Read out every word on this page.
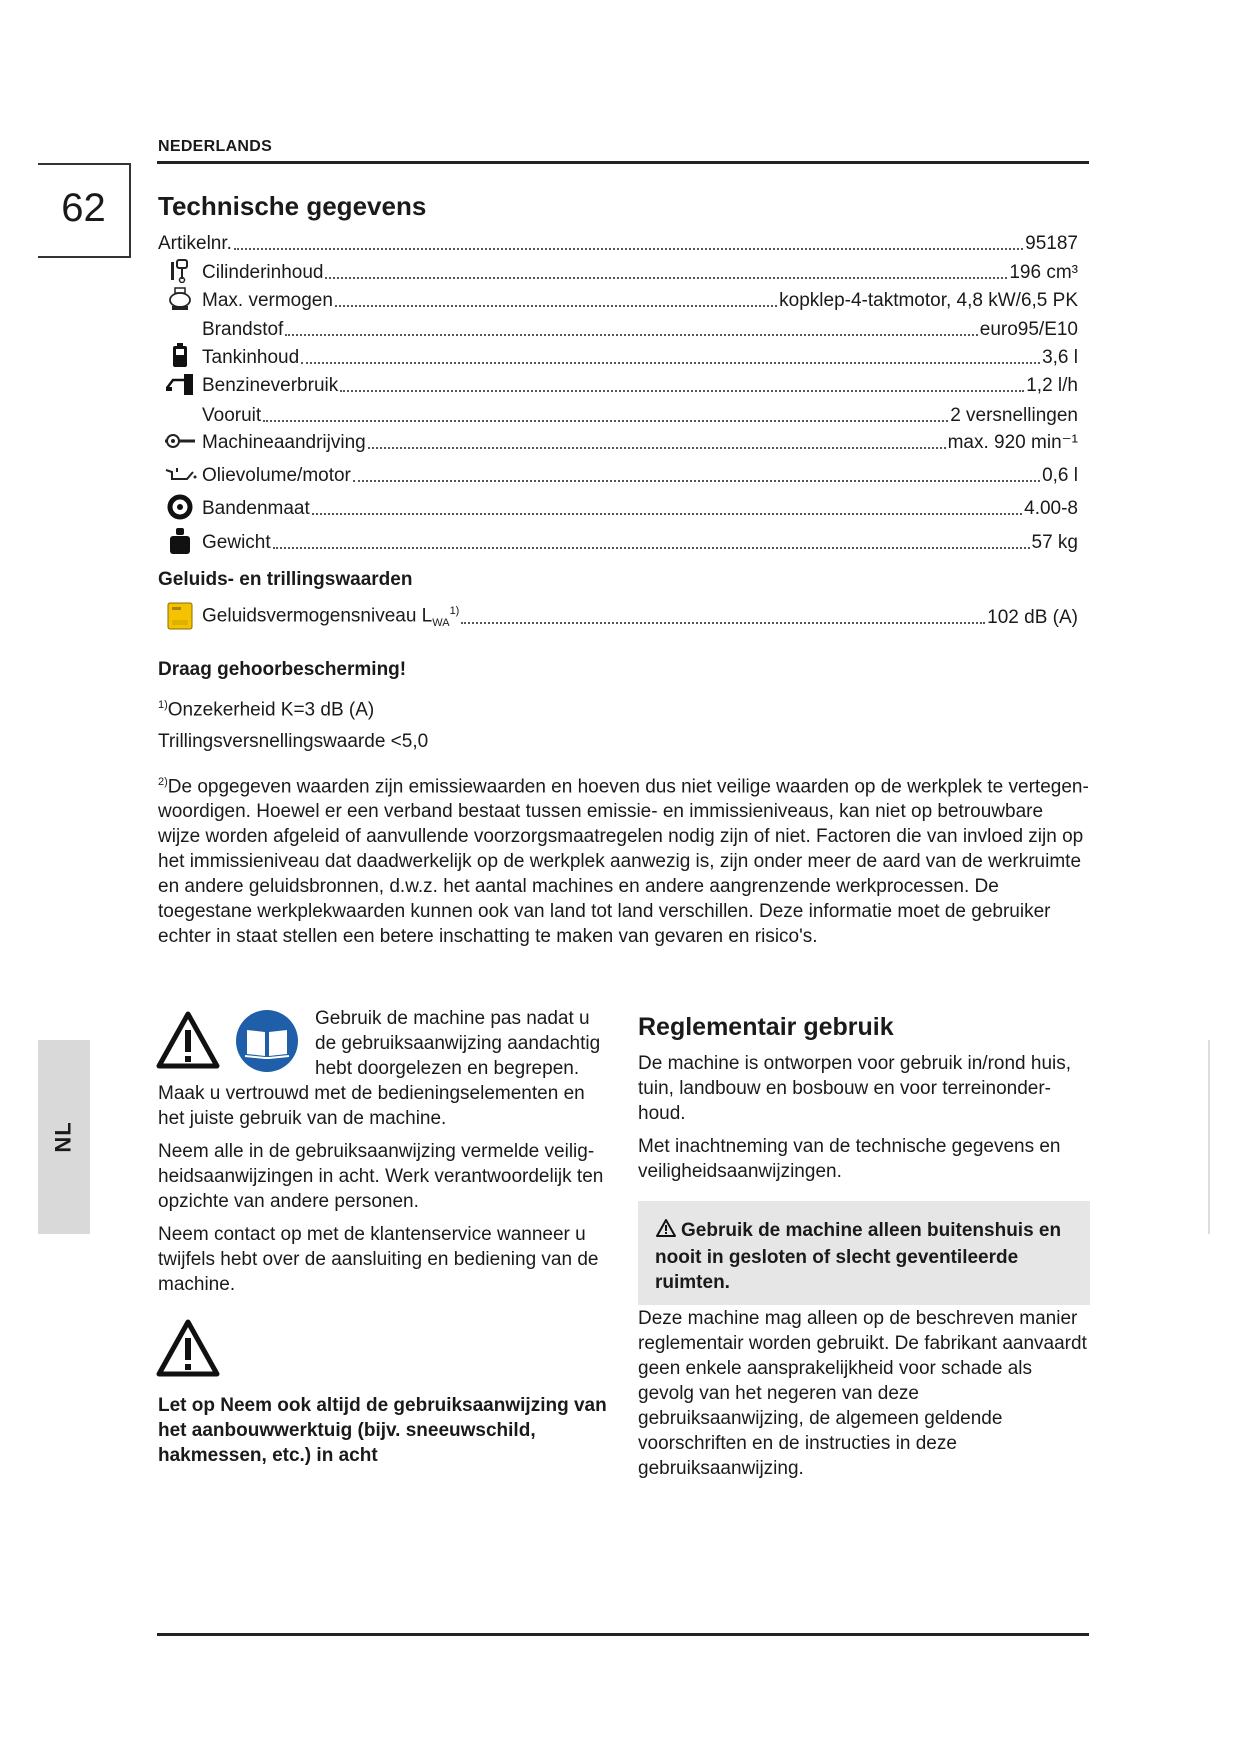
NEDERLANDS
62
NL
Technische gegevens
Artikelnr.	95187
Cilinderinhoud	196 cm³
Max. vermogen	kopklep-4-taktmotor, 4,8 kW/6,5 PK
Brandstof	euro95/E10
Tankinhoud	3,6 l
Benzineverbruik	1,2 l/h
Vooruit	2 versnellingen
Machineaandrijving	max. 920 min⁻¹
Olievolume/motor	0,6 l
Bandenmaat	4.00-8
Gewicht	57 kg
Geluids- en trillingswaarden
Geluidsvermogensniveau $L_{WA}^{1)}$	102 dB (A)
Draag gehoorbescherming!
$^{1)}$Onzekerheid K=3 dB (A)
Trillingsversnellingswaarde <5,0
$^{2)}$De opgegeven waarden zijn emissiewaarden en hoeven dus niet veilige waarden op de werkplek te vertegenwoordigen. Hoewel er een verband bestaat tussen emissie- en immissieniveaus, kan niet op betrouwbare wijze worden afgeleid of aanvullende voorzorgsmaatregelen nodig zijn of niet. Factoren die van invloed zijn op het immissieniveau dat daadwerkelijk op de werkplek aanwezig is, zijn onder meer de aard van de werkruimte en andere geluidsbronnen, d.w.z. het aantal machines en andere aangrenzende werkprocessen. De toegestane werkplekwaarden kunnen ook van land tot land verschillen. Deze informatie moet de gebruiker echter in staat stellen een betere inschatting te maken van gevaren en risico's.
Gebruik de machine pas nadat u
de gebruiksaanwijzing aandachtig
hebt doorgelezen en begrepen.
Maak u vertrouwd met de bedieningselementen en het juiste gebruik van de machine.
Neem alle in de gebruiksaanwijzing vermelde veiligheidsaanwijzingen in acht. Werk verantwoordelijk ten opzichte van andere personen.
Neem contact op met de klantenservice wanneer u twijfels hebt over de aansluiting en bediening van de machine.
Let op Neem ook altijd de gebruiksaanwijzing van het aanbouwwerktuig (bijv. sneeuwschild, hakmessen, etc.) in acht
Reglementair gebruik
De machine is ontworpen voor gebruik in/rond huis, tuin, landbouw en bosbouw en voor terreinonderhoud.
Met inachtneming van de technische gegevens en veiligheidsaanwijzingen.
Gebruik de machine alleen buitenshuis en nooit in gesloten of slecht geventileerde ruimten.
Deze machine mag alleen op de beschreven manier reglementair worden gebruikt. De fabrikant aanvaardt geen enkele aansprakelijkheid voor schade als gevolg van het negeren van deze gebruiksaanwijzing, de algemeen geldende voorschriften en de instructies in deze gebruiksaanwijzing.
